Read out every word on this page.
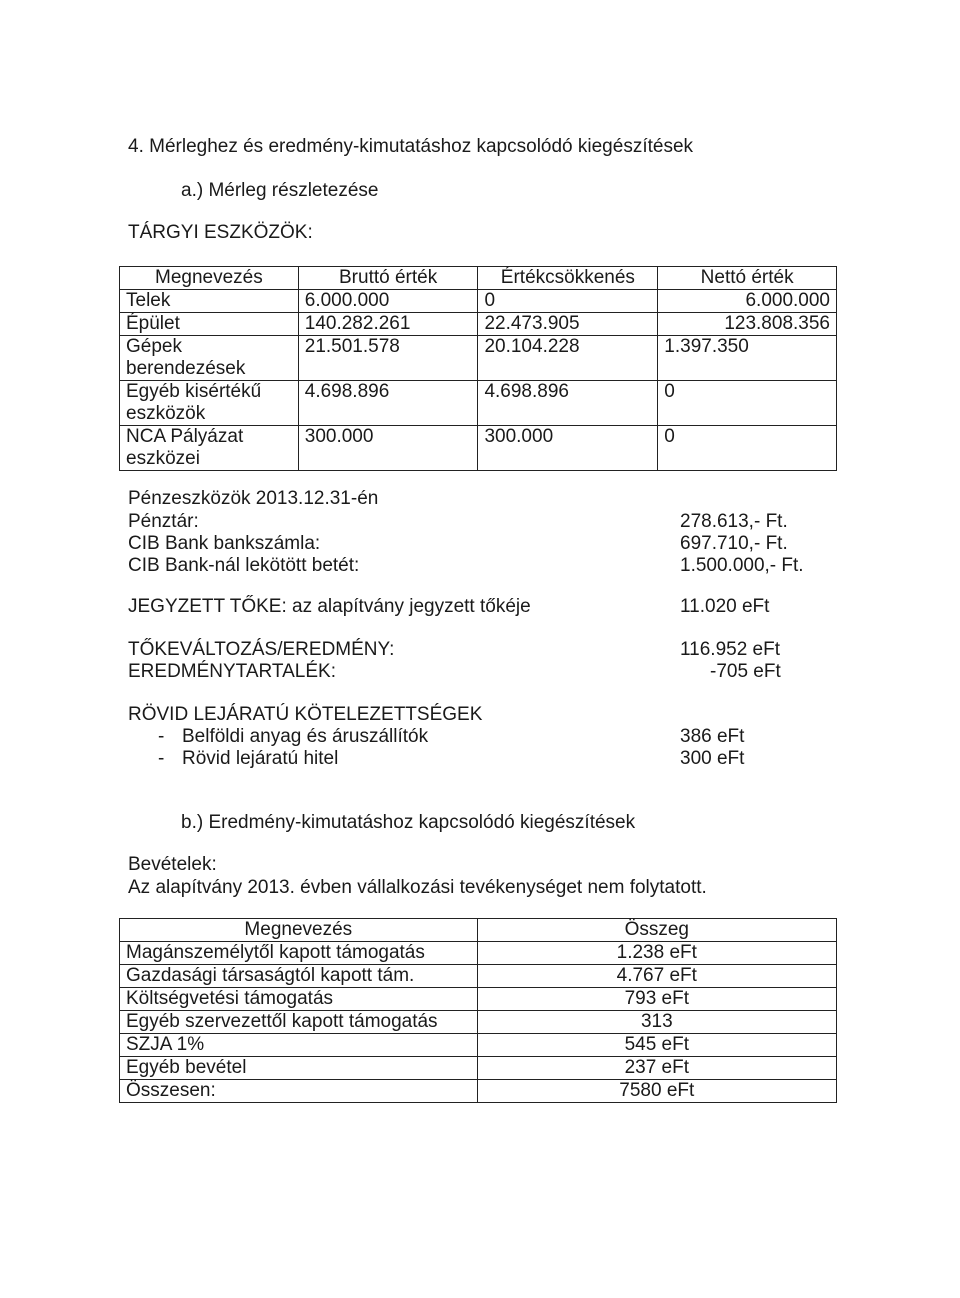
4. Mérleghez és eredmény-kimutatáshoz kapcsolódó kiegészítések
a.) Mérleg részletezése
TÁRGYI ESZKÖZÖK:
Megnevezés	Bruttó érték	Értékcsökkenés	Nettó érték
Telek	6.000.000	0	6.000.000
Épület	140.282.261	22.473.905	123.808.356
Gépek berendezések	21.501.578	20.104.228	1.397.350
Egyéb kisértékű eszközök	4.698.896	4.698.896	0
NCA Pályázat eszközei	300.000	300.000	0
Pénzeszközök 2013.12.31-én
Pénztár:	278.613,- Ft.
CIB Bank bankszámla:	697.710,- Ft.
CIB Bank-nál lekötött betét:	1.500.000,- Ft.
JEGYZETT TŐKE: az alapítvány jegyzett tőkéje	11.020 eFt
TŐKEVÁLTOZÁS/EREDMÉNY:	116.952 eFt
EREDMÉNYTARTALÉK:	-705 eFt
RÖVID LEJÁRATÚ KÖTELEZETTSÉGEK
- Belföldi anyag és áruszállítók	386 eFt
- Rövid lejáratú hitel	300 eFt
b.) Eredmény-kimutatáshoz kapcsolódó kiegészítések
Bevételek:
Az alapítvány 2013. évben vállalkozási tevékenységet nem folytatott.
Megnevezés	Összeg
Magánszemélytől kapott támogatás	1.238 eFt
Gazdasági társaságtól kapott tám.	4.767 eFt
Költségvetési támogatás	793 eFt
Egyéb szervezettől kapott támogatás	313
SZJA 1%	545 eFt
Egyéb bevétel	237 eFt
Összesen:	7580 eFt
